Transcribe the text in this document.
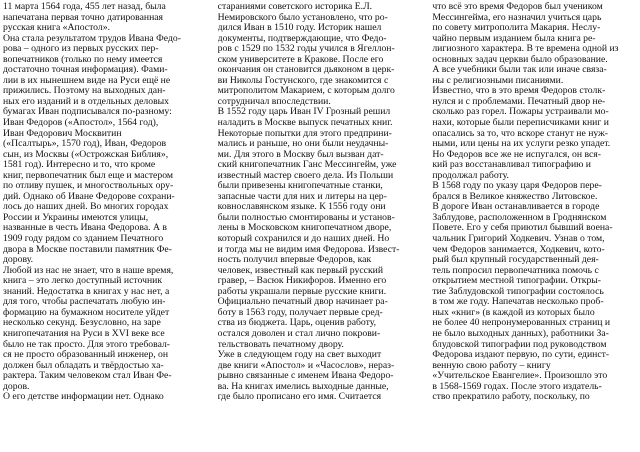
11 марта 1564 года, 455 лет назад, была
напечатана первая точно датированная
русская книга «Апостол».
Она стала результатом трудов Ивана Федо-
рова – одного из первых русских пер-
вопечатников (только по нему имеется
достаточно точная информация). Фами-
лии в их нынешнем виде на Руси ещё не
прижились. Поэтому на выходных дан-
ных его изданий и в отдельных деловых
бумагах Иван подписывался по-разному:
Иван Федоров («Апостол», 1564 год),
Иван Федорович Москвитин
(«Псалтырь», 1570 год), Иван, Федоров
сын, из Москвы («Острожская Библия»,
1581 год). Интересно и то, что кроме
книг, первопечатник был еще и мастером
по отливу пушек, и многоствольных ору-
дий. Однако об Иване Федорове сохрани-
лось до наших дней. Во многих городах
России и Украины имеются улицы,
названные в честь Ивана Федорова. А в
1909 году рядом со зданием Печатного
двора в Москве поставили памятник Фе-
дорову.
Любой из нас не знает, что в наше время,
книга – это легко доступный источник
знаний. Недостатка в книгах у нас нет, а
для того, чтобы распечатать любую ин-
формацию на бумажном носителе уйдет
несколько секунд. Безусловно, на заре
книгопечатания на Руси в XVI веке все
было не так просто. Для этого требовал-
ся не просто образованный инженер, он
должен был обладать и твёрдостью ха-
рактера. Таким человеком стал Иван Фе-
доров.
О его детстве информации нет. Однако

стараниями советского историка Е.Л.
Немировского было установлено, что ро-
дился Иван в 1510 году. Историк нашел
документы, подтверждающие, что Федо-
ров с 1529 по 1532 годы учился в Ягеллон-
ском университете в Кракове. После его
окончания он становится дьяконом в церк-
ви Николы Гостунского, где знакомится с
митрополитом Макарием, с которым долго
сотрудничал впоследствии.
В 1552 году царь Иван IV Грозный решил
наладить в Москве выпуск печатных книг.
Некоторые попытки для этого предприни-
мались и раньше, но они были неудачны-
ми. Для этого в Москву был вызван дат-
ский книгопечатник Ганс Мессингейм, уже
известный мастер своего дела. Из Польши
были привезены книгопечатные станки,
запасные части для них и литеры на цер-
ковнославянском языке. К 1556 году они
были полностью смонтированы и установ-
лены в Московском книгопечатном дворе,
который сохранился и до наших дней. Но
и тогда мы не видим имя Федорова. Извест-
ность получил впервые Федоров, как
человек, известный как первый русский
гравер, – Васюк Никифоров. Именно его
работы украшали первые русские книги.
Официально печатный двор начинает ра-
боту в 1563 году, получает первые сред-
ства из бюджета. Царь, оценив работу,
остался доволен и стал лично покрови-
тельствовать печатному двору.
Уже в следующем году на свет выходит
две книги «Апостол» и «Часослов», нераз-
рывно связанные с именем Ивана Федоро-
ва. На книгах имелись выходные данные,
где было прописано его имя. Считается

что всё это время Федоров был учеником
Мессингейма, его назначил учиться царь
по совету митрополита Макария. Неслу-
чайно первым изданием была книга ре-
лигиозного характера. В те времена одной из
основных задач церкви было образование.
А все учебники были так или иначе связа-
ны с религиозными писаниями.
Известно, что в это время Федоров столк-
нулся и с проблемами. Печатный двор не-
сколько раз горел. Пожары устраивали мо-
нахи, которые были переписчиками книг и
опасались за то, что вскоре станут не нуж-
ными, или цены на их услуги резко упадет.
Но Федоров все же не испугался, он вся-
кий раз восстанавливал типографию и
продолжал работу.
В 1568 году по указу царя Федоров пере-
брался в Великое княжество Литовское.
В дороге Иван останавливается в городе
Заблудове, расположенном в Гроднянском
Повете. Его у себя приютил бывший воена-
чальник Григорий Ходкевич. Узнав о том,
чем Федоров занимается, Ходкевич, кото-
рый был крупный государственный дея-
тель попросил первопечатника помочь с
открытием местной типографии. Откры-
тие Заблудовской типографии состоялось
в том же году. Напечатав несколько проб-
ных «книг» (в каждой из которых было
не более 40 непронумерованных страниц и
не было выходных данных), работники За-
блудовской типографии под руководством
Федорова издают первую, по сути, единст-
венную свою работу – книгу
«Учительское Евангелие». Произошло это
в 1568-1569 годах. После этого издатель-
ство прекратило работу, поскольку, по
